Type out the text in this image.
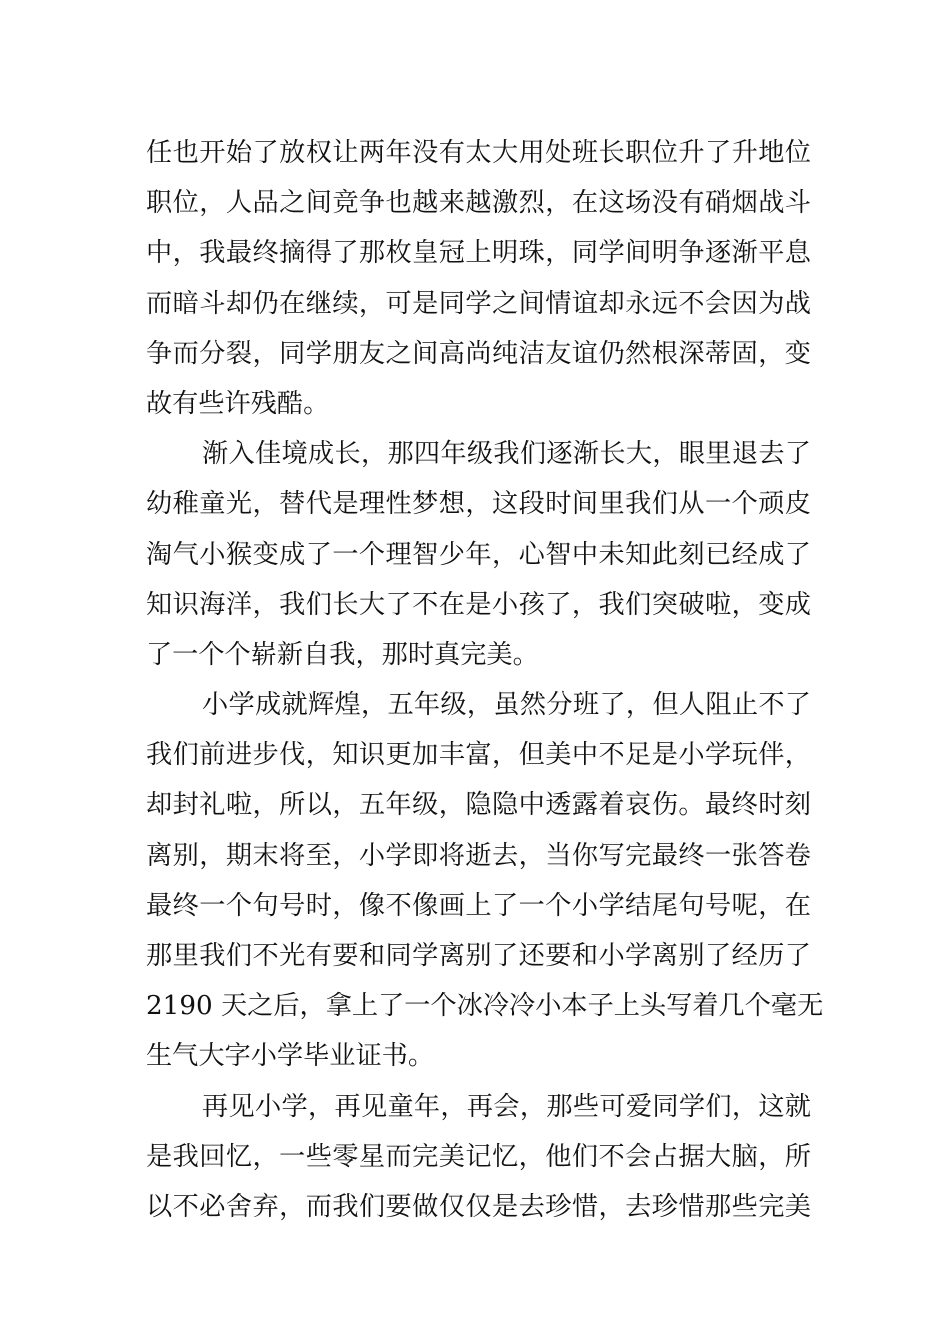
任也开始了放权让两年没有太大用处班长职位升了升地位
职位，人品之间竞争也越来越激烈，在这场没有硝烟战斗
中，我最终摘得了那枚皇冠上明珠，同学间明争逐渐平息
而暗斗却仍在继续，可是同学之间情谊却永远不会因为战
争而分裂，同学朋友之间高尚纯洁友谊仍然根深蒂固，变
故有些许残酷。
渐入佳境成长，那四年级我们逐渐长大，眼里退去了
幼稚童光，替代是理性梦想，这段时间里我们从一个顽皮
淘气小猴变成了一个理智少年，心智中未知此刻已经成了
知识海洋，我们长大了不在是小孩了，我们突破啦，变成
了一个个崭新自我，那时真完美。
小学成就辉煌，五年级，虽然分班了，但人阻止不了
我们前进步伐，知识更加丰富，但美中不足是小学玩伴，
却封礼啦，所以，五年级，隐隐中透露着哀伤。最终时刻
离别，期末将至，小学即将逝去，当你写完最终一张答卷
最终一个句号时，像不像画上了一个小学结尾句号呢，在
那里我们不光有要和同学离别了还要和小学离别了经历了
2190 天之后，拿上了一个冰冷冷小本子上头写着几个毫无
生气大字小学毕业证书。
再见小学，再见童年，再会，那些可爱同学们，这就
是我回忆，一些零星而完美记忆，他们不会占据大脑，所
以不必舍弃，而我们要做仅仅是去珍惜，去珍惜那些完美
